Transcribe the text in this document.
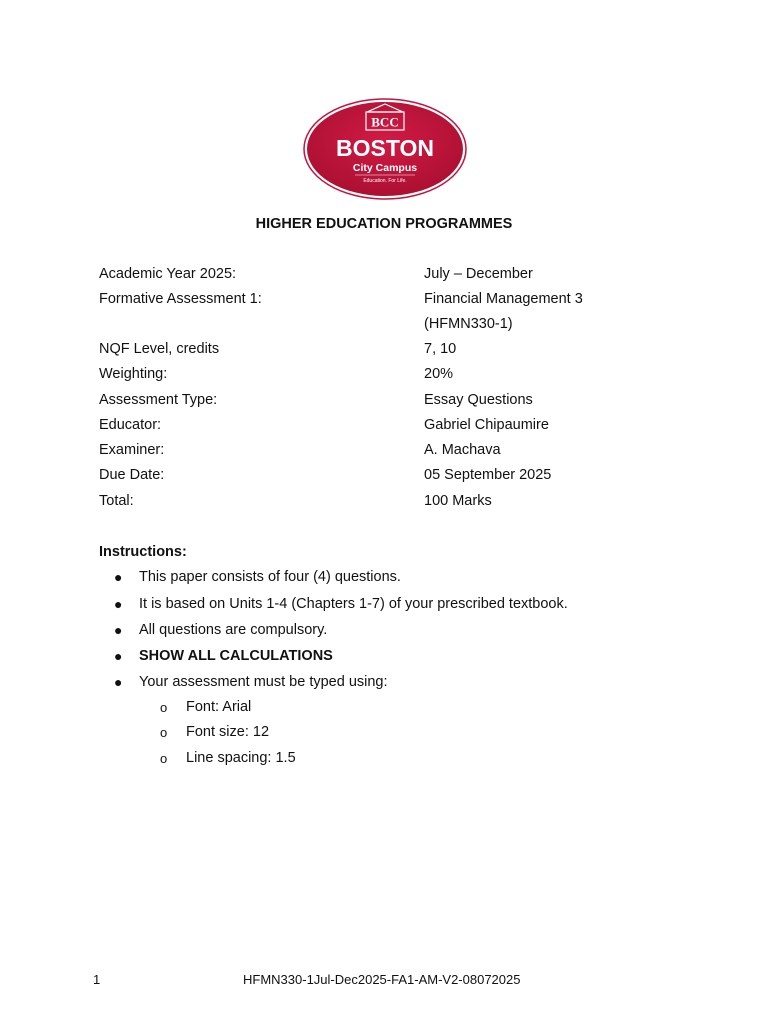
BCC
BOSTON
City Campus
Education. For Life.
HIGHER EDUCATION PROGRAMMES
Academic Year 2025:	July – December
Formative Assessment 1:	Financial Management 3
(HFMN330-1)
NQF Level, credits	7, 10
Weighting:	20%
Assessment Type:	Essay Questions
Educator:	Gabriel Chipaumire
Examiner:	A. Machava
Due Date:	05 September 2025
Total:	100 Marks
Instructions:
● This paper consists of four (4) questions.
● It is based on Units 1-4 (Chapters 1-7) of your prescribed textbook.
● All questions are compulsory.
● SHOW ALL CALCULATIONS
● Your assessment must be typed using:
o Font: Arial
o Font size: 12
o Line spacing: 1.5
1	HFMN330-1Jul-Dec2025-FA1-AM-V2-08072025
